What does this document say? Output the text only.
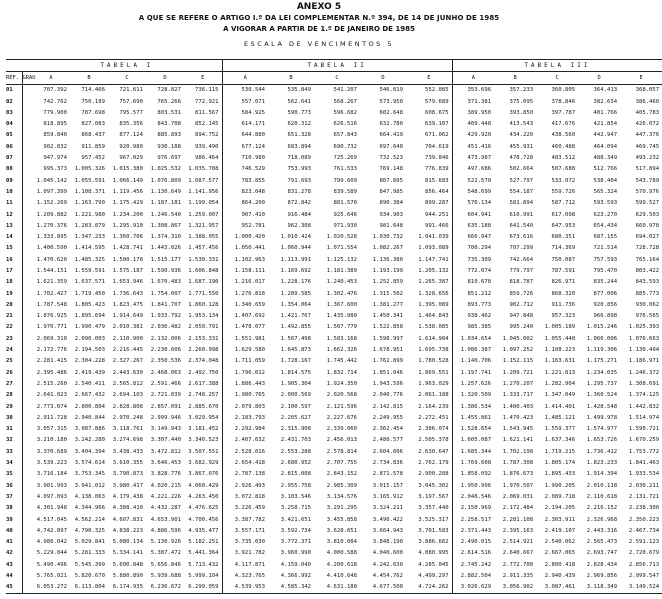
ANEXO 5
A QUE SE REFERE O ARTIGO I.º DA LEI COMPLEMENTAR N.º 394, DE 14 DE JUNHO DE 1985
A VIGORAR A PARTIR DE 1.º DE JANEIRO DE 1985
ESCALA DE VENCIMENTOS 5
		TABELA I					TABELA II					TABELA III				
REF.	GRAU	A	B	C	D	E	A	B	C	D	E	A	B	C	D	E
01		707.392	714.466	721.611	728.827	736.115	530.544	535.849	541.207	546.619	552.085	353.696	357.233	360.805	364.413	368.057
02		742.762	750.189	757.690	765.266	772.921	557.071	562.641	568.267	573.950	579.689	371.381	375.095	378.846	382.634	386.460
03		779.900	787.698	795.577	803.531	811.567	584.925	590.773	596.682	602.648	608.675	389.950	393.850	397.787	401.766	405.783
04		818.895	827.083	835.356	843.708	852.145	614.171	620.312	626.516	632.780	639.107	409.448	413.543	417.676	421.854	426.072
05		859.840	868.437	877.124	885.893	894.752	644.880	651.328	657.843	664.419	671.062	429.920	434.220	438.560	442.947	447.376
06		902.832	911.859	920.980	930.188	939.490	677.124	683.894	690.732	697.640	704.619	451.416	455.931	460.488	464.094	469.745
07		947.974	957.452	967.029	976.697	986.464	710.980	718.089	725.269	732.523	739.846	473.987	478.728	483.512	488.349	493.232
08		995.373	1.005.326	1.015.380	1.025.532	1.035.788	746.529	753.993	761.533	769.148	776.839	497.686	502.664	507.688	512.766	517.894
09		1.045.142	1.055.591	1.066.149	1.076.809	1.087.577	783.855	791.693	799.609	807.605	815.683	522.570	527.797	533.072	538.404	543.789
10		1.097.399	1.108.371	1.119.456	1.130.649	1.141.956	823.048	831.278	839.589	847.985	856.464	548.699	554.187	559.726	565.324	570.976
11		1.152.269	1.163.790	1.175.429	1.187.181	1.199.054	864.200	872.842	881.570	890.384	899.287	576.134	581.894	587.712	593.593	599.527
12		1.209.882	1.221.980	1.234.200	1.246.540	1.259.007	907.410	916.484	925.646	934.903	944.251	604.941	610.991	617.098	623.270	629.503
13		1.270.376	1.283.079	1.295.910	1.308.867	1.321.957	952.781	962.308	971.930	981.648	991.466	635.188	641.540	647.953	654.434	660.978
14		1.333.895	1.347.233	1.360.706	1.374.310	1.388.055	1.000.420	1.010.424	1.020.528	1.030.732	1.041.039	666.947	673.616	680.351	687.155	694.027
15		1.400.590	1.414.595	1.428.741	1.443.026	1.457.456	1.050.441	1.060.944	1.071.554	1.082.267	1.093.089	700.294	707.299	714.369	721.514	728.728
16		1.470.620	1.485.325	1.500.178	1.515.177	1.530.331	1.102.963	1.113.991	1.125.132	1.136.380	1.147.741	735.309	742.664	750.087	757.593	765.164
17		1.544.151	1.559.591	1.575.187	1.590.936	1.606.848	1.158.111	1.169.692	1.181.389	1.193.199	1.205.132	772.074	779.797	787.591	795.470	803.422
18		1.621.359	1.637.571	1.653.946	1.670.483	1.687.190	1.216.017	1.228.176	1.240.453	1.252.859	1.265.387	810.678	818.787	826.971	835.244	843.593
19		1.702.427	1.719.450	1.736.643	1.754.007	1.771.550	1.276.818	1.289.585	1.302.476	1.315.502	1.328.656	851.212	859.726	868.320	877.006	885.773
20		1.787.548	1.805.423	1.823.475	1.841.707	1.860.128	1.340.659	1.354.064	1.367.600	1.381.277	1.395.089	893.773	902.712	911.736	920.856	930.062
21		1.876.925	1.895.694	1.914.649	1.933.792	1.953.134	1.407.692	1.421.767	1.435.980	1.450.341	1.464.843	938.462	947.848	957.323	966.898	976.565
22		1.970.771	1.990.479	2.010.381	2.030.482	2.050.791	1.478.077	1.492.855	1.507.779	1.522.858	1.538.085	985.385	995.240	1.005.189	1.015.246	1.025.393
23		2.069.310	2.090.003	2.110.900	2.132.006	2.153.331	1.551.981	1.567.498	1.583.168	1.598.997	1.614.984	1.034.654	1.045.002	1.055.448	1.066.006	1.076.663
24		2.172.776	2.194.503	2.216.445	2.238.606	2.260.998	1.629.580	1.645.873	1.662.326	1.678.951	1.695.738	1.086.387	1.097.252	1.108.223	1.119.306	1.130.494
25		2.281.415	2.304.228	2.327.267	2.350.536	2.374.048	1.711.059	1.728.167	1.745.442	1.762.899	1.780.528	1.140.706	1.152.115	1.163.631	1.175.271	1.186.971
26		2.395.486	2.419.439	2.443.630	2.468.063	2.492.750	1.796.612	1.814.575	1.832.714	1.851.046	1.869.551	1.197.741	1.209.721	1.221.813	1.234.035	1.246.372
27		2.515.260	2.540.411	2.565.812	2.591.466	2.617.388	1.886.443	1.905.304	1.924.350	1.943.596	1.963.029	1.257.626	1.270.207	1.282.904	1.295.737	1.308.691
28		2.641.023	2.667.432	2.694.103	2.721.039	2.748.257	1.980.765	2.000.569	2.020.568	2.040.776	2.061.188	1.320.509	1.333.717	1.347.049	1.360.524	1.374.125
29		2.773.074	2.800.804	2.828.808	2.857.091	2.885.670	2.079.803	2.100.597	2.121.596	2.142.815	2.164.239	1.386.534	1.400.403	1.414.401	1.428.548	1.442.832
30		2.911.728	2.940.844	2.970.248	2.999.946	3.029.954	2.183.793	2.205.627	2.227.676	2.249.955	2.272.451	1.455.861	1.470.423	1.485.121	1.499.978	1.514.974
31		3.057.315	3.087.886	3.118.761	3.149.943	3.181.452	2.292.984	2.315.908	2.339.060	2.362.454	2.386.074	1.528.654	1.543.945	1.559.377	1.574.977	1.590.721
32		3.210.180	3.242.280	3.274.698	3.307.440	3.340.523	2.407.632	2.431.703	2.456.013	2.480.577	2.505.378	1.605.087	1.621.141	1.637.346	1.653.726	1.670.259
33		3.370.689	3.404.394	3.438.433	3.472.812	3.507.551	2.528.016	2.553.288	2.578.814	2.604.606	2.630.647	1.685.344	1.702.198	1.719.215	1.736.412	1.753.772
34		3.539.223	3.574.614	3.610.355	3.646.453	3.682.929	2.654.418	2.680.952	2.707.755	2.734.836	2.762.179	1.769.608	1.787.308	1.805.174	1.823.233	1.841.463
35		3.716.184	3.753.345	3.790.873	3.828.776	3.867.076	2.787.138	2.815.008	2.843.152	2.871.578	2.900.288	1.858.092	1.876.673	1.895.433	1.914.394	1.933.534
36		3.901.993	3.941.012	3.980.417	4.020.215	4.060.429	2.926.493	2.955.758	2.985.309	3.015.157	3.045.302	1.950.996	1.970.507	1.990.205	2.010.118	2.030.211
37		4.097.093	4.138.063	4.179.438	4.221.226	4.263.450	3.072.818	3.103.546	3.134.576	3.165.912	3.197.567	2.048.546	2.069.031	2.089.718	2.110.618	2.131.721
38		4.301.948	4.344.966	4.388.410	4.432.287	4.476.625	3.226.459	3.258.715	3.291.295	3.324.211	3.357.440	2.150.969	2.172.484	2.194.205	2.216.152	2.238.300
39		4.517.045	4.562.214	4.607.831	4.653.901	4.700.456	3.387.782	3.421.651	3.455.858	3.490.422	3.525.317	2.258.517	2.281.108	2.303.911	2.326.968	2.350.223
40		4.742.897	4.790.325	4.838.223	4.886.596	4.935.477	3.557.171	3.592.734	3.628.651	3.664.943	3.701.583	2.371.443	2.395.163	2.419.107	2.443.316	2.467.734
41		4.980.042	5.029.841	5.080.134	5.130.926	5.182.251	3.735.030	3.772.371	3.810.084	3.848.190	3.886.662	2.490.015	2.514.921	2.540.062	2.565.473	2.591.123
42		5.229.044	5.281.333	5.334.141	5.387.472	5.441.364	3.921.782	3.960.990	4.000.588	4.040.600	4.080.995	2.614.516	2.640.667	2.667.065	2.693.747	2.720.679
43		5.490.496	5.545.399	5.600.848	5.656.846	5.713.432	4.117.871	4.159.040	4.200.618	4.242.630	4.285.045	2.745.242	2.772.700	2.800.418	2.828.434	2.856.713
44		5.765.021	5.820.670	5.880.890	5.939.688	5.999.104	4.323.765	4.366.992	4.410.648	4.454.762	4.499.297	2.882.504	2.911.335	2.940.439	2.969.856	2.999.547
45		6.053.272	6.113.804	6.174.935	6.236.672	6.299.059	4.539.953	4.585.342	4.631.180	4.677.500	4.724.262	3.026.629	3.056.902	3.087.461	3.118.349	3.149.524
